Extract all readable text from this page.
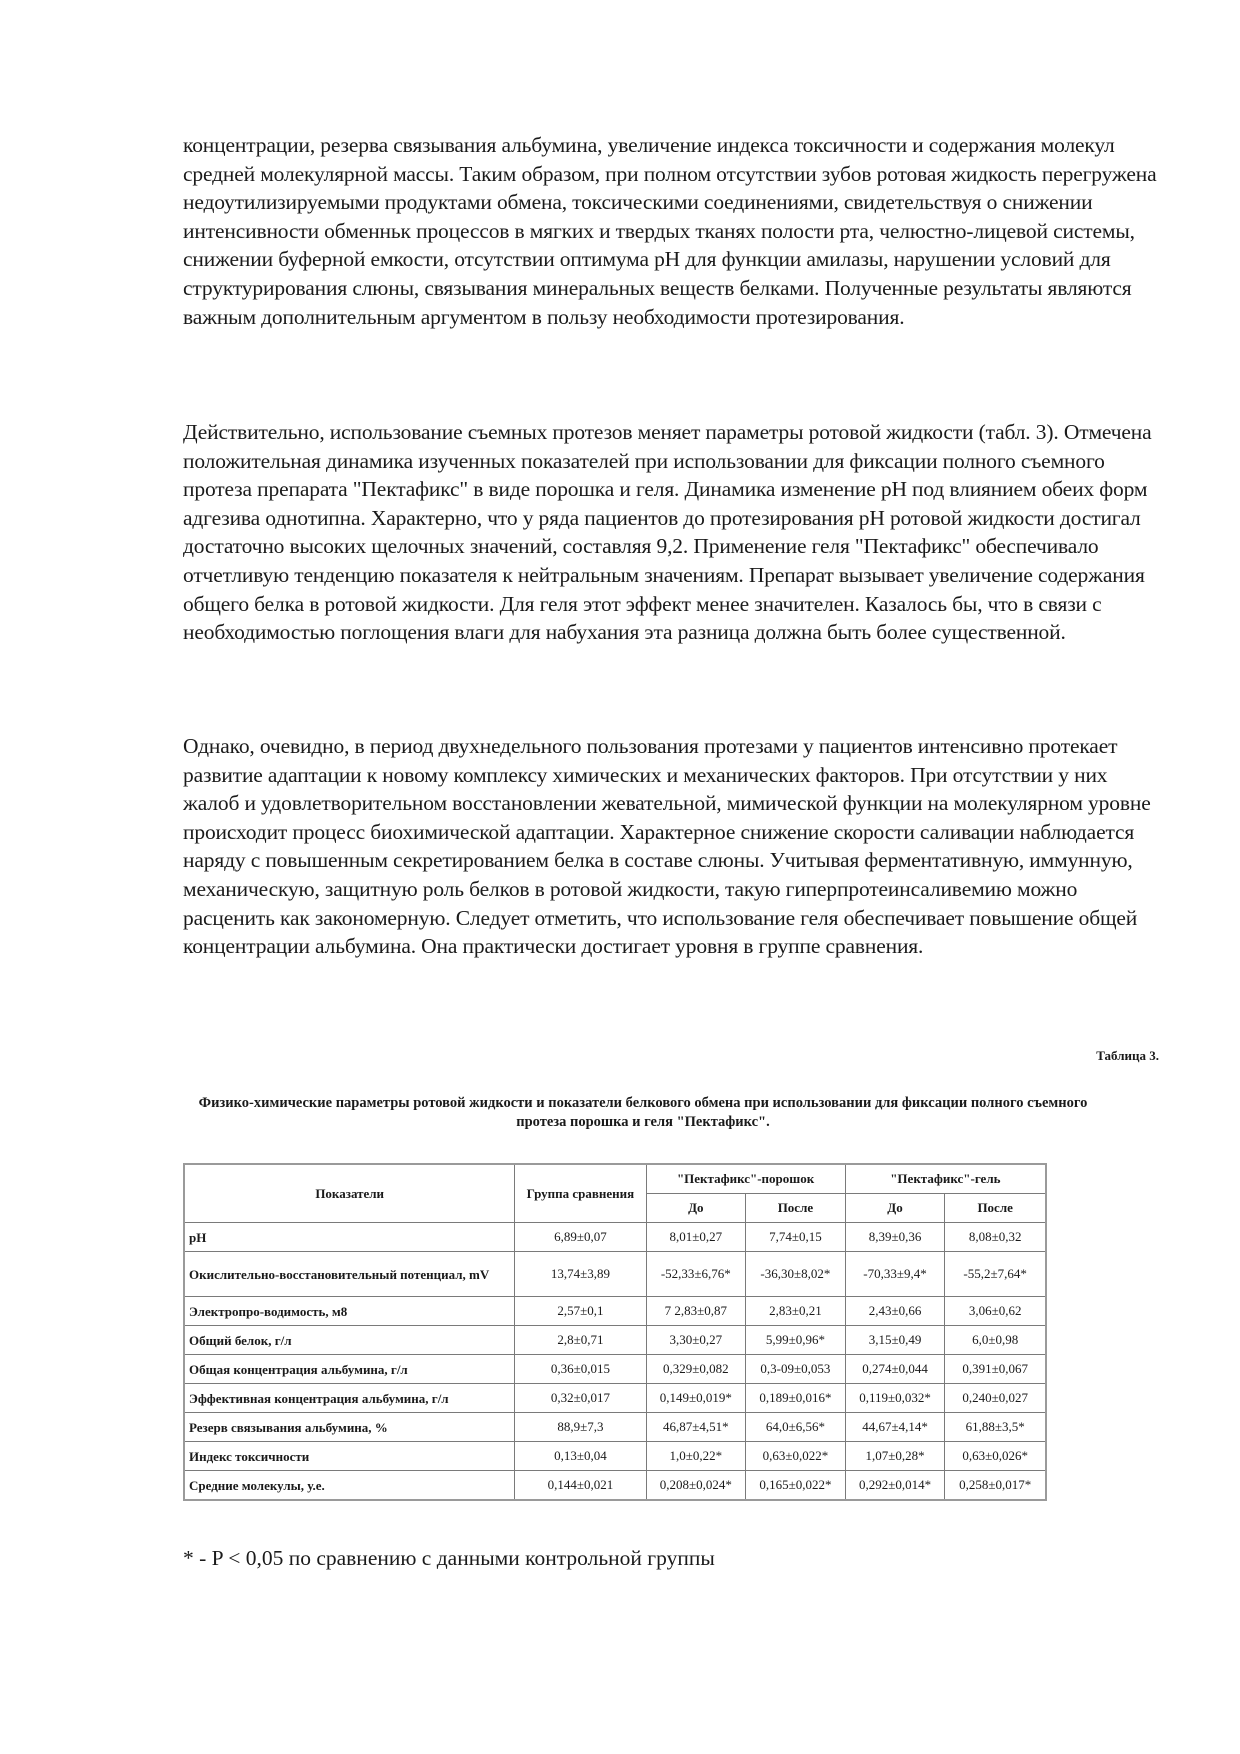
концентрации, резерва связывания альбумина, увеличение индекса токсичности и содержания молекул средней молекулярной массы. Таким образом, при полном отсутствии зубов ротовая жидкость перегружена недоутилизируемыми продуктами обмена, токсическими соединениями, свидетельствуя о снижении интенсивности обменньк процессов в мягких и твердых тканях полости рта, челюстно-лицевой системы, снижении буферной емкости, отсутствии оптимума pH для функции амилазы, нарушении условий для структурирования слюны, связывания минеральных веществ белками. Полученные результаты являются важным дополнительным аргументом в пользу необходимости протезирования.

Действительно, использование съемных протезов меняет параметры ротовой жидкости (табл. 3). Отмечена положительная динамика изученных показателей при использовании для фиксации полного съемного протеза препарата "Пектафикс" в виде порошка и геля. Динамика изменение pH под влиянием обеих форм адгезива однотипна. Характерно, что у ряда пациентов до протезирования pH ротовой жидкости достигал достаточно высоких щелочных значений, составляя 9,2. Применение геля "Пектафикс" обеспечивало отчетливую тенденцию показателя к нейтральным значениям. Препарат вызывает увеличение содержания общего белка в ротовой жидкости. Для геля этот эффект менее значителен. Казалось бы, что в связи с необходимостью поглощения влаги для набухания эта разница должна быть более существенной.

Однако, очевидно, в период двухнедельного пользования протезами у пациентов интенсивно протекает развитие адаптации к новому комплексу химических и механических факторов. При отсутствии у них жалоб и удовлетворительном восстановлении жевательной, мимической функции на молекулярном уровне происходит процесс биохимической адаптации. Характерное снижение скорости саливации наблюдается наряду с повышенным секретированием белка в составе слюны. Учитывая ферментативную, иммунную, механическую, защитную роль белков в ротовой жидкости, такую гиперпротеинсаливемию можно расценить как закономерную. Следует отметить, что использование геля обеспечивает повышение общей концентрации альбумина. Она практически достигает уровня в группе сравнения.

Таблица 3.

Физико-химические параметры ротовой жидкости и показатели белкового обмена при использовании для фиксации полного съемного протеза порошка и геля "Пектафикс".

Показатели	Группа сравнения	"Пектафикс"-порошок		"Пектафикс"-гель	
		До	После	До	После
pH	6,89±0,07	8,01±0,27	7,74±0,15	8,39±0,36	8,08±0,32
Окислительно-восстановительный потенциал, mV	13,74±3,89	-52,33±6,76*	-36,30±8,02*	-70,33±9,4*	-55,2±7,64*
Электропро-водимость, м8	2,57±0,1	7 2,83±0,87	2,83±0,21	2,43±0,66	3,06±0,62
Общий белок, г/л	2,8±0,71	3,30±0,27	5,99±0,96*	3,15±0,49	6,0±0,98
Общая концентрация альбумина, г/л	0,36±0,015	0,329±0,082	0,3-09±0,053	0,274±0,044	0,391±0,067
Эффективная концентрация альбумина, г/л	0,32±0,017	0,149±0,019*	0,189±0,016*	0,119±0,032*	0,240±0,027
Резерв связывания альбумина, %	88,9±7,3	46,87±4,51*	64,0±6,56*	44,67±4,14*	61,88±3,5*
Индекс токсичности	0,13±0,04	1,0±0,22*	0,63±0,022*	1,07±0,28*	0,63±0,026*
Средние молекулы, у.е.	0,144±0,021	0,208±0,024*	0,165±0,022*	0,292±0,014*	0,258±0,017*

* - P < 0,05 по сравнению с данными контрольной группы
